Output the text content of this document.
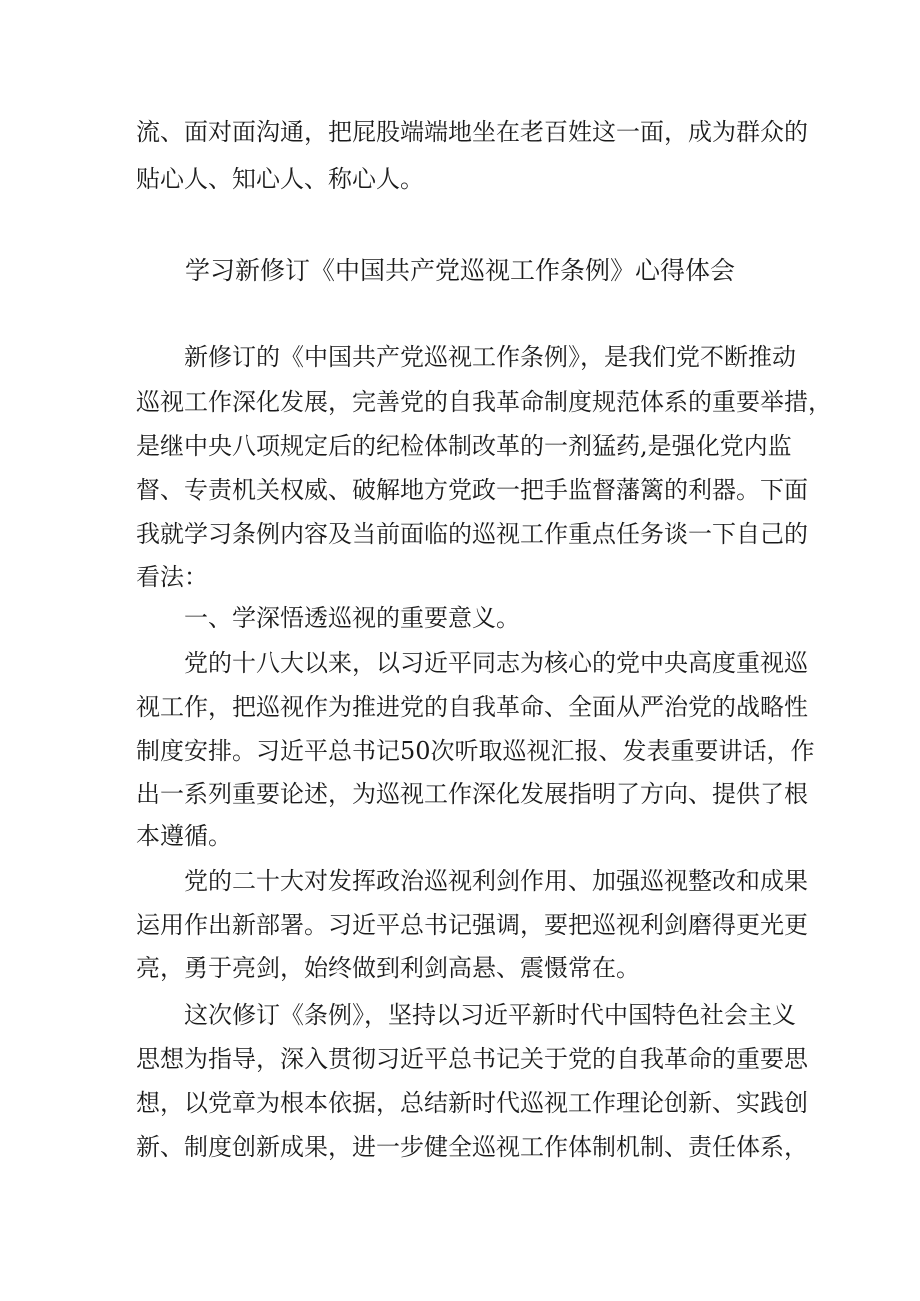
流、面对面沟通，把屁股端端地坐在老百姓这一面，成为群众的
贴心人、知心人、称心人。
学习新修订《中国共产党巡视工作条例》心得体会
新修订的《中国共产党巡视工作条例》，是我们党不断推动
巡视工作深化发展，完善党的自我革命制度规范体系的重要举措，
是继中央八项规定后的纪检体制改革的一剂猛药,是强化党内监
督、专责机关权威、破解地方党政一把手监督藩篱的利器。下面
我就学习条例内容及当前面临的巡视工作重点任务谈一下自己的
看法：
一、学深悟透巡视的重要意义。
党的十八大以来，以习近平同志为核心的党中央高度重视巡
视工作，把巡视作为推进党的自我革命、全面从严治党的战略性
制度安排。习近平总书记50次听取巡视汇报、发表重要讲话，作
出一系列重要论述，为巡视工作深化发展指明了方向、提供了根
本遵循。
党的二十大对发挥政治巡视利剑作用、加强巡视整改和成果
运用作出新部署。习近平总书记强调，要把巡视利剑磨得更光更
亮，勇于亮剑，始终做到利剑高悬、震慑常在。
这次修订《条例》，坚持以习近平新时代中国特色社会主义
思想为指导，深入贯彻习近平总书记关于党的自我革命的重要思
想，以党章为根本依据，总结新时代巡视工作理论创新、实践创
新、制度创新成果，进一步健全巡视工作体制机制、责任体系，
